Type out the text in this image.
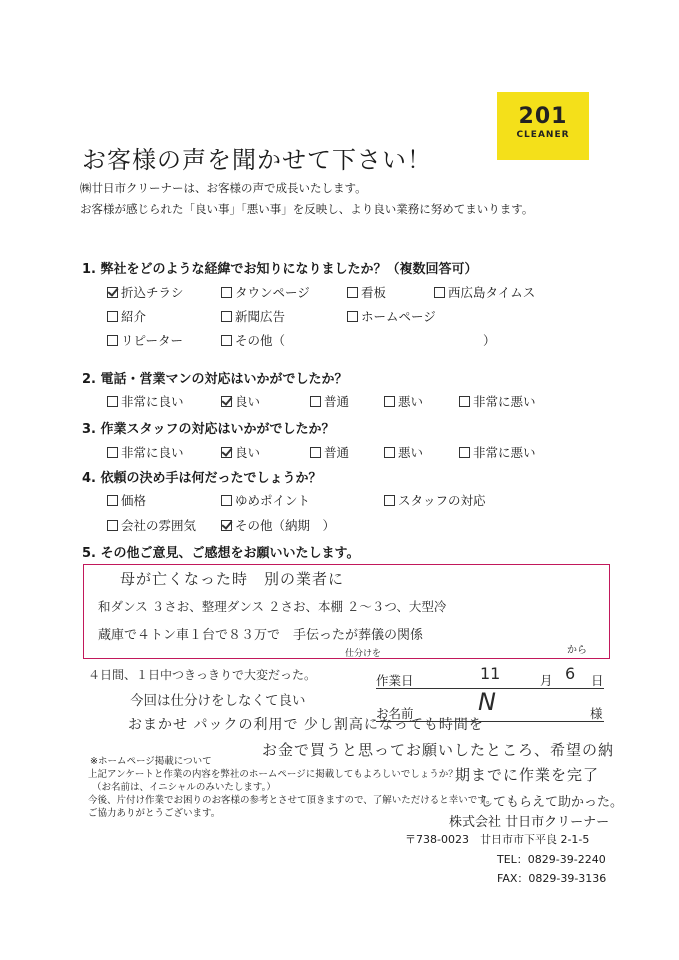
201
CLEANER
お客様の声を聞かせて下さい！
㈱廿日市クリーナーは、お客様の声で成長いたします。
お客様が感じられた「良い事」「悪い事」を反映し、より良い業務に努めてまいります。
1. 弊社をどのような経緯でお知りになりましたか？（複数回答可）
折込チラシ	タウンページ	看板	西広島タイムス
紹介	新聞広告	ホームページ
リピーター	その他（	）
2. 電話・営業マンの対応はいかがでしたか？
非常に良い	良い	普通	悪い	非常に悪い
3. 作業スタッフの対応はいかがでしたか？
非常に良い	良い	普通	悪い	非常に悪い
4. 依頼の決め手は何だったでしょうか？
価格	ゆめポイント	スタッフの対応
会社の雰囲気	その他（納期　）
5. その他ご意見、ご感想をお願いいたします。
母が亡くなった時　別の業者に
和ダンス ３さお、整理ダンス ２さお、本棚 ２〜３つ、大型冷
蔵庫で４トン車１台で８３万で　手伝ったが葬儀の関係
仕分けを	から
４日間、１日中つきっきりで大変だった。
今回は仕分けをしなくて良い
おまかせ パックの利用で 少し割高になっても時間を
お金で買うと思ってお願いしたところ、希望の納
期までに作業を完了
してもらえて助かった。
作業日	11	月 6 日
お名前	N	様
※ホームページ掲載について
上記アンケートと作業の内容を弊社のホームページに掲載してもよろしいでしょうか？
（お名前は、イニシャルのみいたします。）
今後、片付け作業でお困りのお客様の参考とさせて頂きますので、了解いただけると幸いです。
ご協力ありがとうございます。
株式会社 廿日市クリーナー
〒738-0023　廿日市市下平良 2-1-5
TEL：0829-39-2240
FAX：0829-39-3136
